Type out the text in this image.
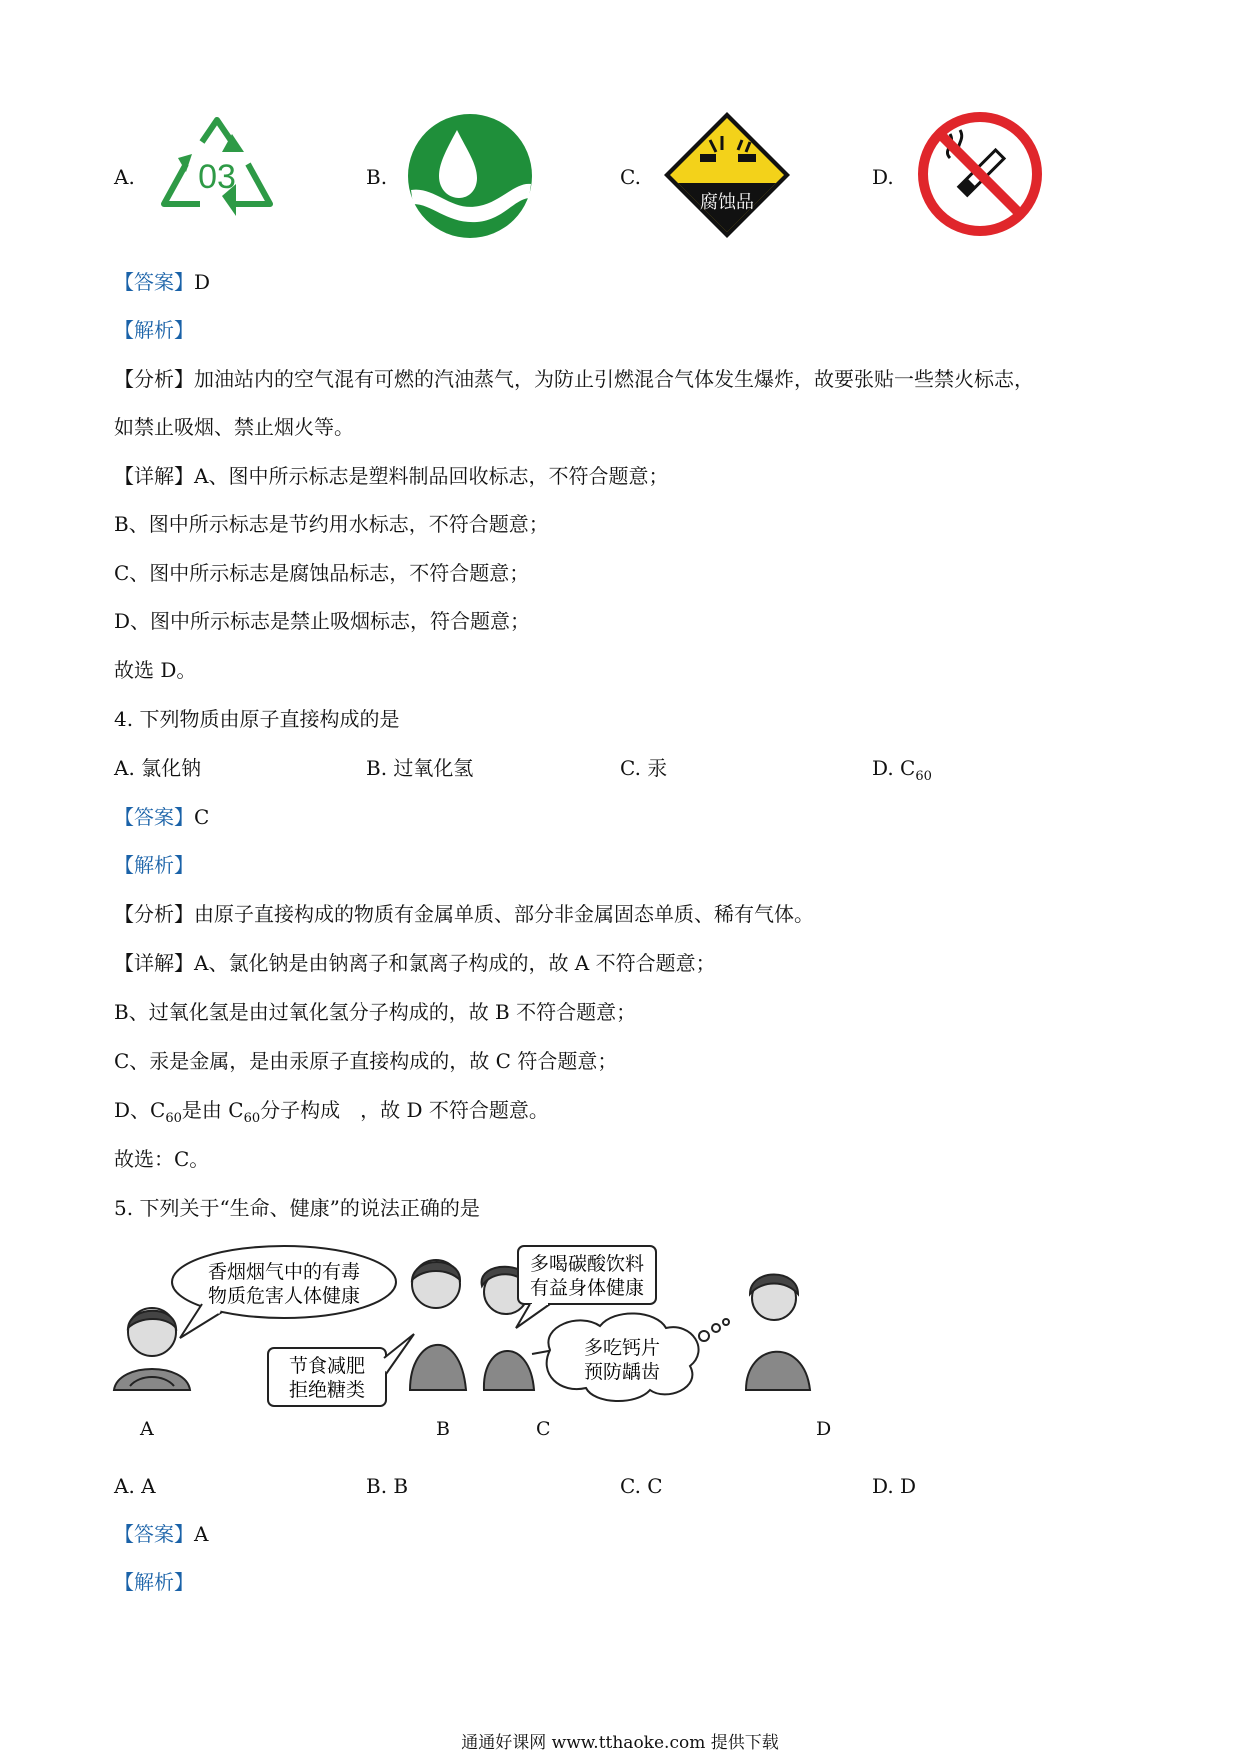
A. 03	B.	C.
腐蚀品
D.
【答案】D
【解析】
【分析】加油站内的空气混有可燃的汽油蒸气，为防止引燃混合气体发生爆炸，故要张贴一些禁火标志，
如禁止吸烟、禁止烟火等。
【详解】A、图中所示标志是塑料制品回收标志，不符合题意；
B、图中所示标志是节约用水标志，不符合题意；
C、图中所示标志是腐蚀品标志，不符合题意；
D、图中所示标志是禁止吸烟标志，符合题意；
故选 D。
4. 下列物质由原子直接构成的是
A. 氯化钠	B. 过氧化氢	C. 汞	D. $C_{60}$
【答案】C
【解析】
【分析】由原子直接构成的物质有金属单质、部分非金属固态单质、稀有气体。
【详解】A、氯化钠是由钠离子和氯离子构成的，故 A 不符合题意；
B、过氧化氢是由过氧化氢分子构成的，故 B 不符合题意；
C、汞是金属，是由汞原子直接构成的，故 C 符合题意；
D、$C_{60}$是由 $C_{60}$分子构成　，故 D 不符合题意。
故选：C。
5. 下列关于“生命、健康”的说法正确的是
香烟烟气中的有毒
物质危害人体健康
节食减肥
拒绝糖类
多喝碳酸饮料
有益身体健康
多吃钙片
预防龋齿
A	B	C	D
A. A	B. B	C. C	D. D
【答案】A
【解析】
通通好课网 www.tthaoke.com 提供下载
